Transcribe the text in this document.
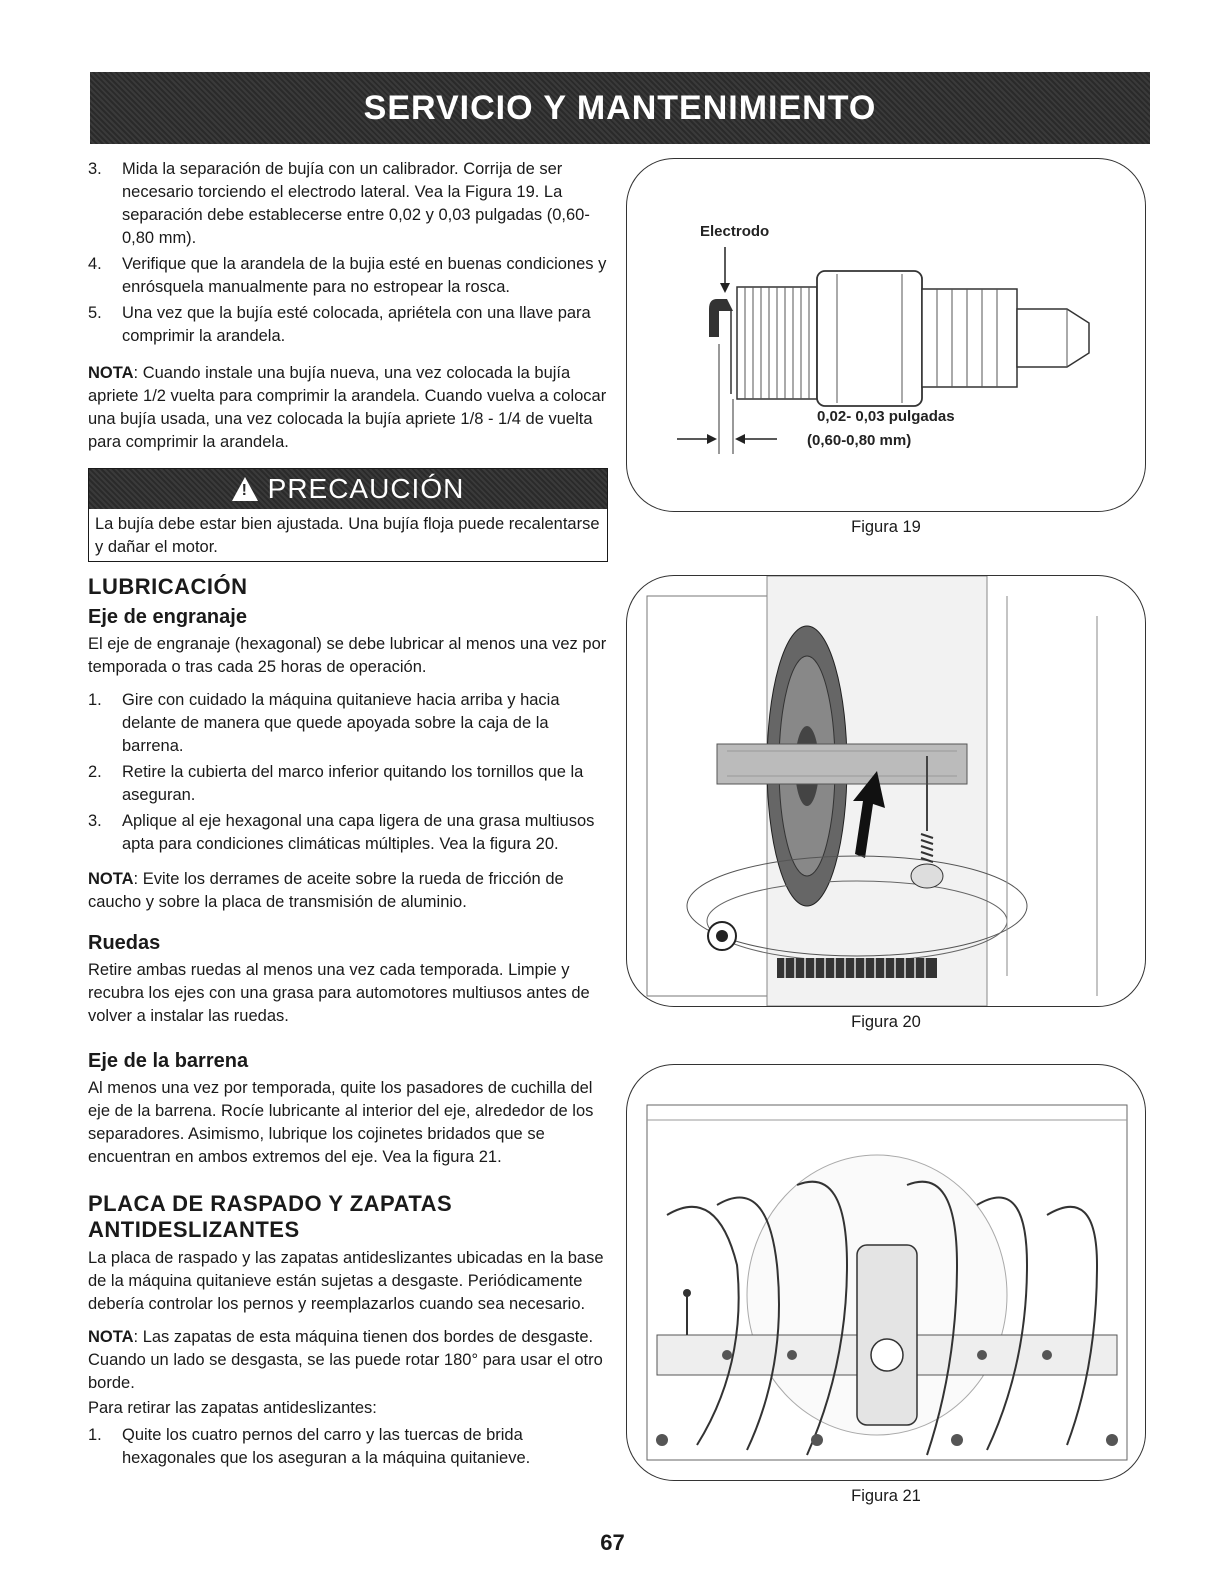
SERVICIO Y MANTENIMIENTO
3. Mida la separación de bujía con un calibrador. Corrija de ser necesario torciendo el electrodo lateral. Vea la Figura 19. La separación debe establecerse entre 0,02 y 0,03 pulgadas (0,60-0,80 mm).
4. Verifique que la arandela de la bujia esté en buenas condiciones y enrósquela manualmente para no estropear la rosca.
5. Una vez que la bujía esté colocada, apriétela con una llave para comprimir la arandela.

NOTA: Cuando instale una bujía nueva, una vez colocada la bujía apriete 1/2 vuelta para comprimir la arandela. Cuando vuelva a colocar una bujía usada, una vez colocada la bujía apriete 1/8 - 1/4 de vuelta para comprimir la arandela.

!
PRECAUCIÓN

La bujía debe estar bien ajustada. Una bujía floja puede recalentarse y dañar el motor.

LUBRICACIÓN
Eje de engranaje

El eje de engranaje (hexagonal) se debe lubricar al menos una vez por temporada o tras cada 25 horas de operación.

1. Gire con cuidado la máquina quitanieve hacia arriba y hacia delante de manera que quede apoyada sobre la caja de la barrena.
2. Retire la cubierta del marco inferior quitando los tornillos que la aseguran.
3. Aplique al eje hexagonal una capa ligera de una grasa multiusos apta para condiciones climáticas múltiples. Vea la figura 20.

NOTA: Evite los derrames de aceite sobre la rueda de fricción de caucho y sobre la placa de transmisión de aluminio.

Ruedas

Retire ambas ruedas al menos una vez cada temporada. Limpie y recubra los ejes con una grasa para automotores multiusos antes de volver a instalar las ruedas.

Eje de la barrena

Al menos una vez por temporada, quite los pasadores de cuchilla del eje de la barrena. Rocíe lubricante al interior del eje, alrededor de los separadores. Asimismo, lubrique los cojinetes bridados que se encuentran en ambos extremos del eje. Vea la figura 21.

PLACA DE RASPADO Y ZAPATAS
ANTIDESLIZANTES

La placa de raspado y las zapatas antideslizantes ubicadas en la base de la máquina quitanieve están sujetas a desgaste. Periódicamente debería controlar los pernos y reemplazarlos cuando sea necesario.

NOTA: Las zapatas de esta máquina tienen dos bordes de desgaste. Cuando un lado se desgasta, se las puede rotar 180° para usar el otro borde.

Para retirar las zapatas antideslizantes:

1. Quite los cuatro pernos del carro y las tuercas de brida hexagonales que los aseguran a la máquina quitanieve.
Electrodo
0,02- 0,03 pulgadas
(0,60-0,80 mm)
Figura 19
Figura 20
Figura 21
67
